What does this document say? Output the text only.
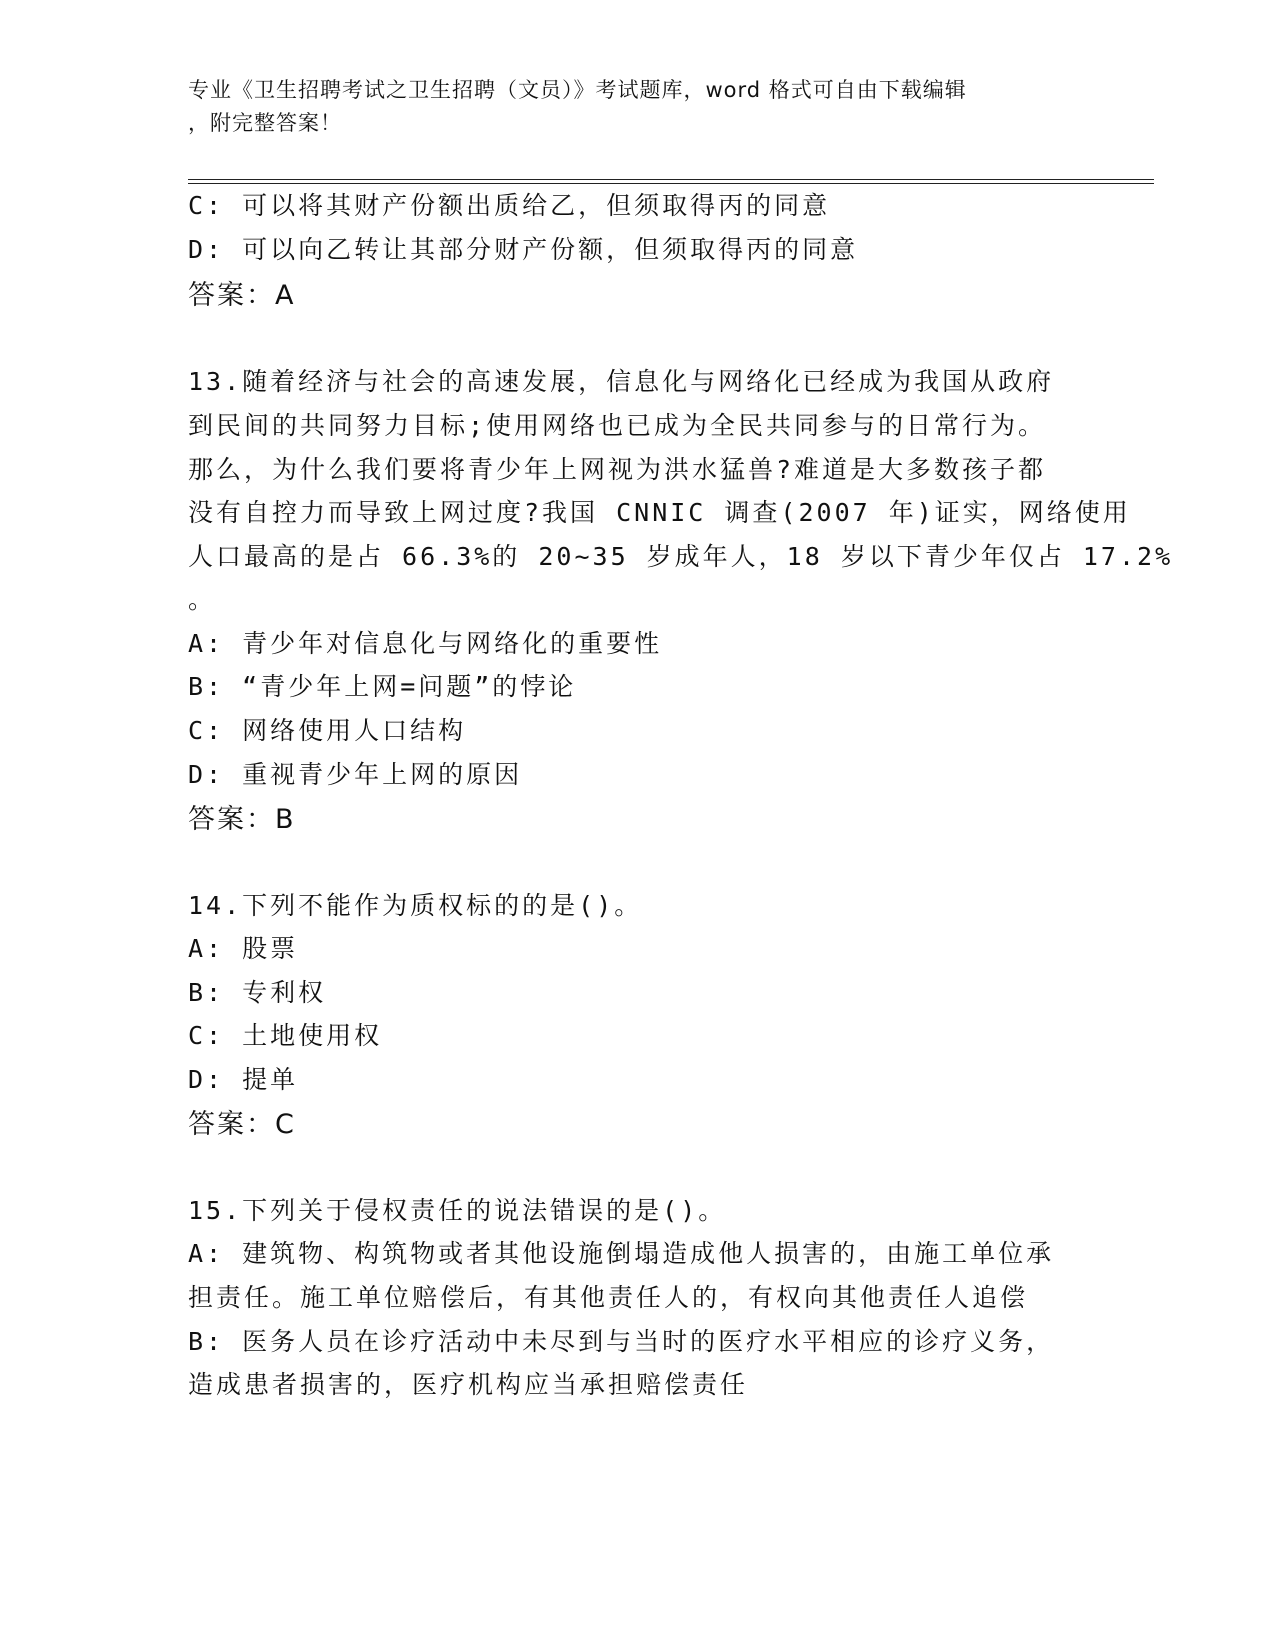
专业《卫生招聘考试之卫生招聘（文员）》考试题库，word 格式可自由下载编辑
，附完整答案！
C: 可以将其财产份额出质给乙，但须取得丙的同意
D: 可以向乙转让其部分财产份额，但须取得丙的同意
答案：A
13.随着经济与社会的高速发展，信息化与网络化已经成为我国从政府
到民间的共同努力目标;使用网络也已成为全民共同参与的日常行为。
那么，为什么我们要将青少年上网视为洪水猛兽?难道是大多数孩子都
没有自控力而导致上网过度?我国 CNNIC 调查(2007 年)证实，网络使用
人口最高的是占 66.3%的 20~35 岁成年人，18 岁以下青少年仅占 17.2%
。
A: 青少年对信息化与网络化的重要性
B: “青少年上网=问题”的悖论
C: 网络使用人口结构
D: 重视青少年上网的原因
答案：B
14.下列不能作为质权标的的是()。
A: 股票
B: 专利权
C: 土地使用权
D: 提单
答案：C
15.下列关于侵权责任的说法错误的是()。
A: 建筑物、构筑物或者其他设施倒塌造成他人损害的，由施工单位承
担责任。施工单位赔偿后，有其他责任人的，有权向其他责任人追偿
B: 医务人员在诊疗活动中未尽到与当时的医疗水平相应的诊疗义务，
造成患者损害的，医疗机构应当承担赔偿责任
